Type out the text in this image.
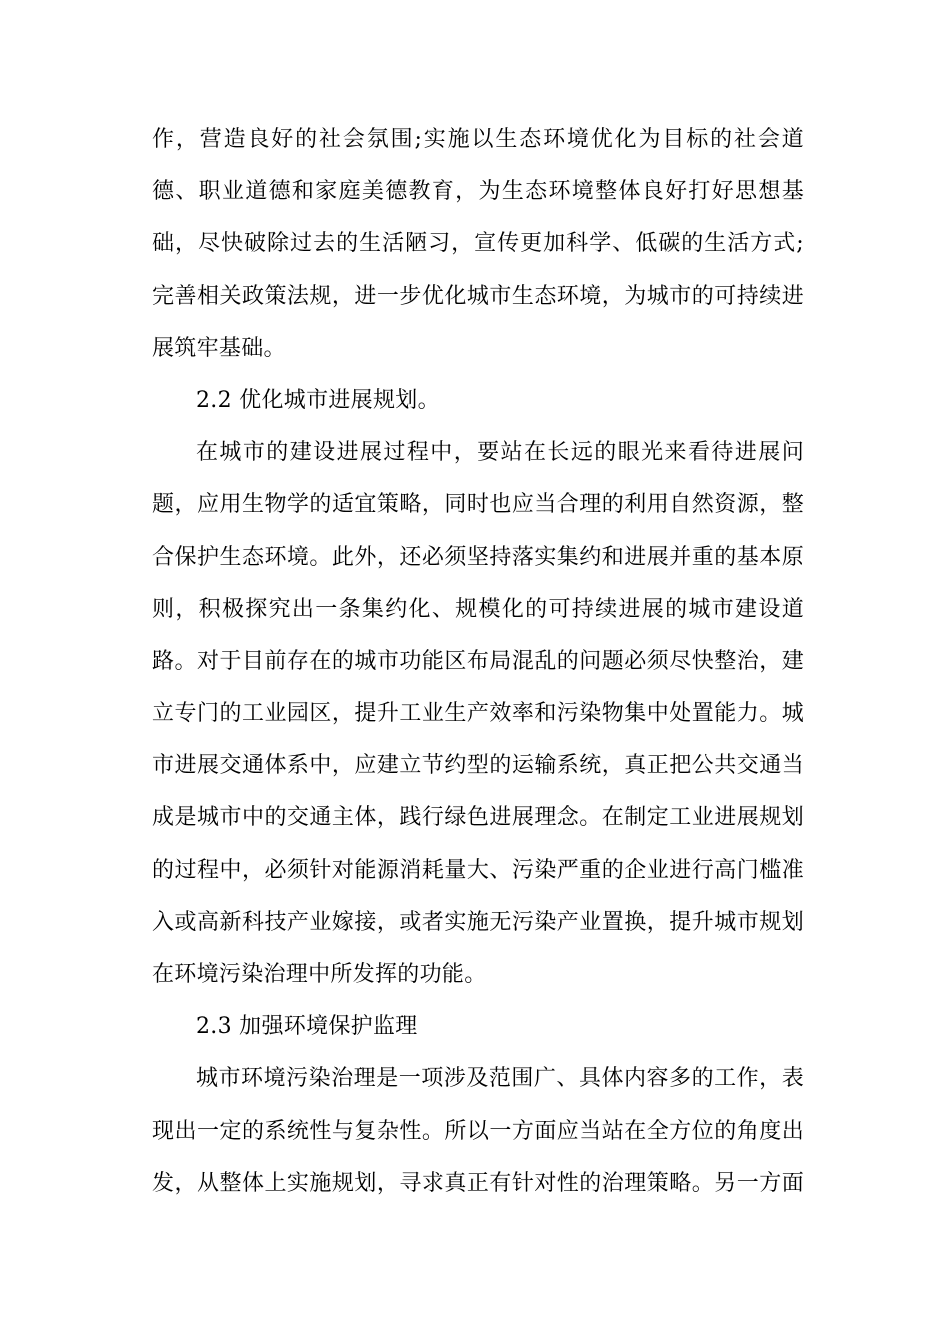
作，营造良好的社会氛围;实施以生态环境优化为目标的社会道
德、职业道德和家庭美德教育，为生态环境整体良好打好思想基
础，尽快破除过去的生活陋习，宣传更加科学、低碳的生活方式;
完善相关政策法规，进一步优化城市生态环境，为城市的可持续进
展筑牢基础。
2.2 优化城市进展规划。
在城市的建设进展过程中，要站在长远的眼光来看待进展问
题，应用生物学的适宜策略，同时也应当合理的利用自然资源，整
合保护生态环境。此外，还必须坚持落实集约和进展并重的基本原
则，积极探究出一条集约化、规模化的可持续进展的城市建设道
路。对于目前存在的城市功能区布局混乱的问题必须尽快整治，建
立专门的工业园区，提升工业生产效率和污染物集中处置能力。城
市进展交通体系中，应建立节约型的运输系统，真正把公共交通当
成是城市中的交通主体，践行绿色进展理念。在制定工业进展规划
的过程中，必须针对能源消耗量大、污染严重的企业进行高门槛准
入或高新科技产业嫁接，或者实施无污染产业置换，提升城市规划
在环境污染治理中所发挥的功能。
2.3 加强环境保护监理
城市环境污染治理是一项涉及范围广、具体内容多的工作，表
现出一定的系统性与复杂性。所以一方面应当站在全方位的角度出
发，从整体上实施规划，寻求真正有针对性的治理策略。另一方面
